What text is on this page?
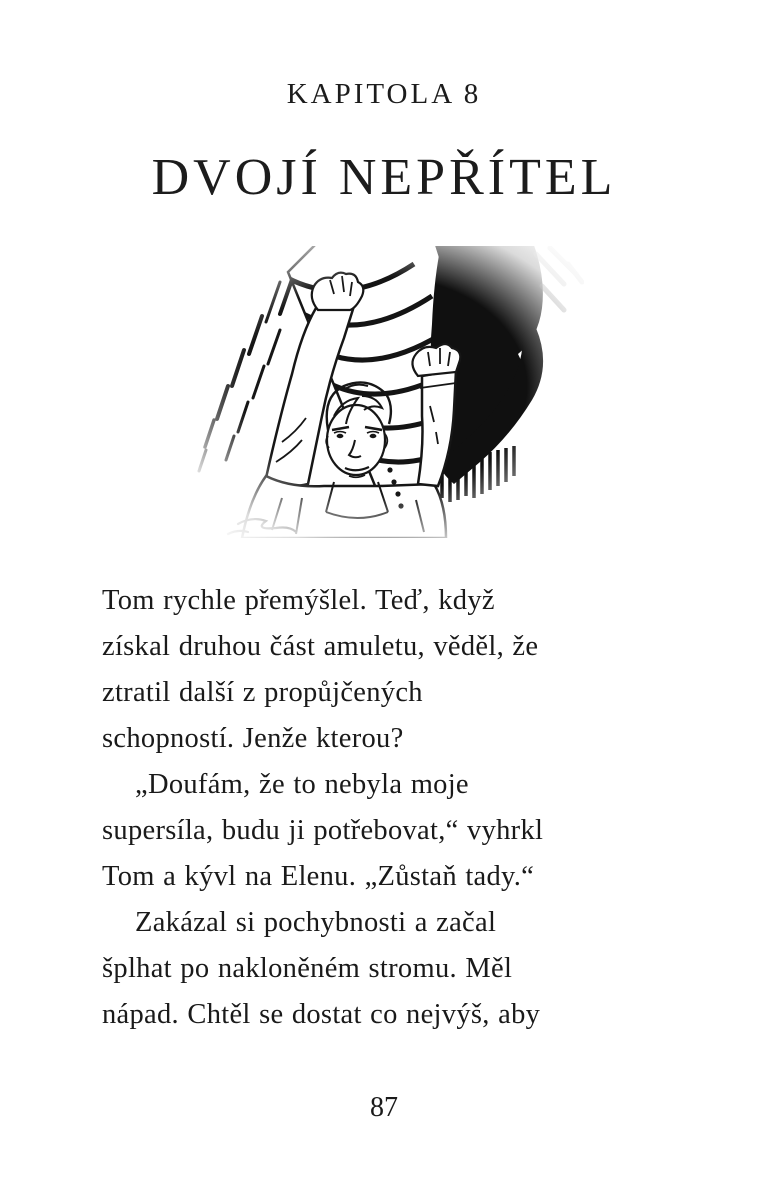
KAPITOLA 8
DVOJÍ NEPŘÍTEL
Tom rychle přemýšlel. Teď, když
získal druhou část amuletu, věděl, že
ztratil další z propůjčených
schopností. Jenže kterou?
„Doufám, že to nebyla moje
supersíla, budu ji potřebovat,“ vyhrkl
Tom a kývl na Elenu. „Zůstaň tady.“
Zakázal si pochybnosti a začal
šplhat po nakloněném stromu. Měl
nápad. Chtěl se dostat co nejvýš, aby
87
